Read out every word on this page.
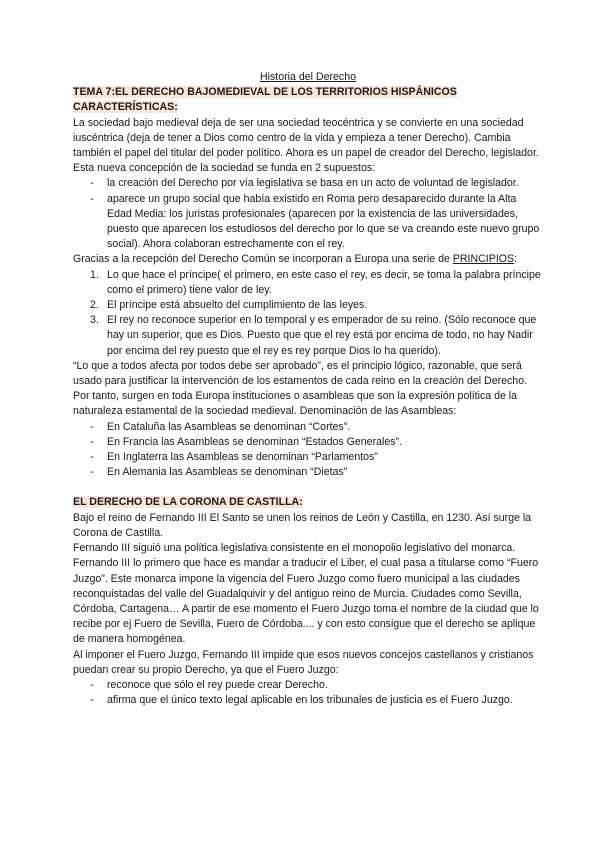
Historia del Derecho
TEMA 7:EL DERECHO BAJOMEDIEVAL DE LOS TERRITORIOS HISPÁNICOS
CARACTERÍSTICAS:

La sociedad bajo medieval deja de ser una sociedad teocéntrica y se convierte en una sociedad iuscéntrica (deja de tener a Dios como centro de la vida y empieza a tener Derecho). Cambia también el papel del titular del poder político. Ahora es un papel de creador del Derecho, legislador.

Esta nueva concepción de la sociedad se funda en 2 supuestos:

- la creación del Derecho por vía legislativa se basa en un acto de voluntad de legislador.
- aparece un grupo social que había existido en Roma pero desaparecido durante la Alta Edad Media: los juristas profesionales (aparecen por la existencia de las universidades, puesto que aparecen los estudiosos del derecho por lo que se va creando este nuevo grupo social). Ahora colaboran estrechamente con el rey.

Gracias a la recepción del Derecho Común se incorporan a Europa una serie de PRINCIPIOS:

1. Lo que hace el príncipe( el primero, en este caso el rey, es decir, se toma la palabra príncipe como el primero) tiene valor de ley.
2. El príncipe está absuelto del cumplimiento de las leyes.
3. El rey no reconoce superior en lo temporal y es emperador de su reino. (Sólo reconoce que hay un superior, que es Dios. Puesto que que el rey está por encima de todo, no hay Nadir por encima del rey puesto que el rey es rey porque Dios lo ha querido).

“Lo que a todos afecta por todos debe ser aprobado”, es el principio lógico, razonable, que será usado para justificar la intervención de los estamentos de cada reino en la creación del Derecho.

Por tanto, surgen en toda Europa instituciones o asambleas que son la expresión política de la naturaleza estamental de la sociedad medieval. Denominación de las Asambleas:

- En Cataluña las Asambleas se denominan “Cortes”.
- En Francia las Asambleas se denominan “Estados Generales”.
- En Inglaterra las Asambleas se denominan “Parlamentos”
- En Alemania las Asambleas se denominan “Dietas”
EL DERECHO DE LA CORONA DE CASTILLA:

Bajo el reino de Fernando III El Santo se unen los reinos de León y Castilla, en 1230. Así surge la Corona de Castilla.

Fernando III siguió una política legislativa consistente en el monopolio legislativo del monarca. Fernando III lo primero que hace es mandar a traducir el Liber, el cual pasa a titularse como “Fuero Juzgo”. Este monarca impone la vigencia del Fuero Juzgo como fuero municipal a las ciudades reconquistadas del valle del Guadalquivir y del antiguo reino de Murcia. Ciudades como Sevilla, Córdoba, Cartagena… A partir de ese momento el Fuero Juzgo toma el nombre de la ciudad que lo recibe por ej Fuero de Sevilla, Fuero de Córdoba.... y con esto consigue que el derecho se aplique de manera homogénea.

Al imponer el Fuero Juzgo, Fernando III impide que esos nuevos concejos castellanos y cristianos puedan crear su propio Derecho, ya que el Fuero Juzgo:

- reconoce que sólo el rey puede crear Derecho.
- afirma que el único texto legal aplicable en los tribunales de justicia es el Fuero Juzgo.
